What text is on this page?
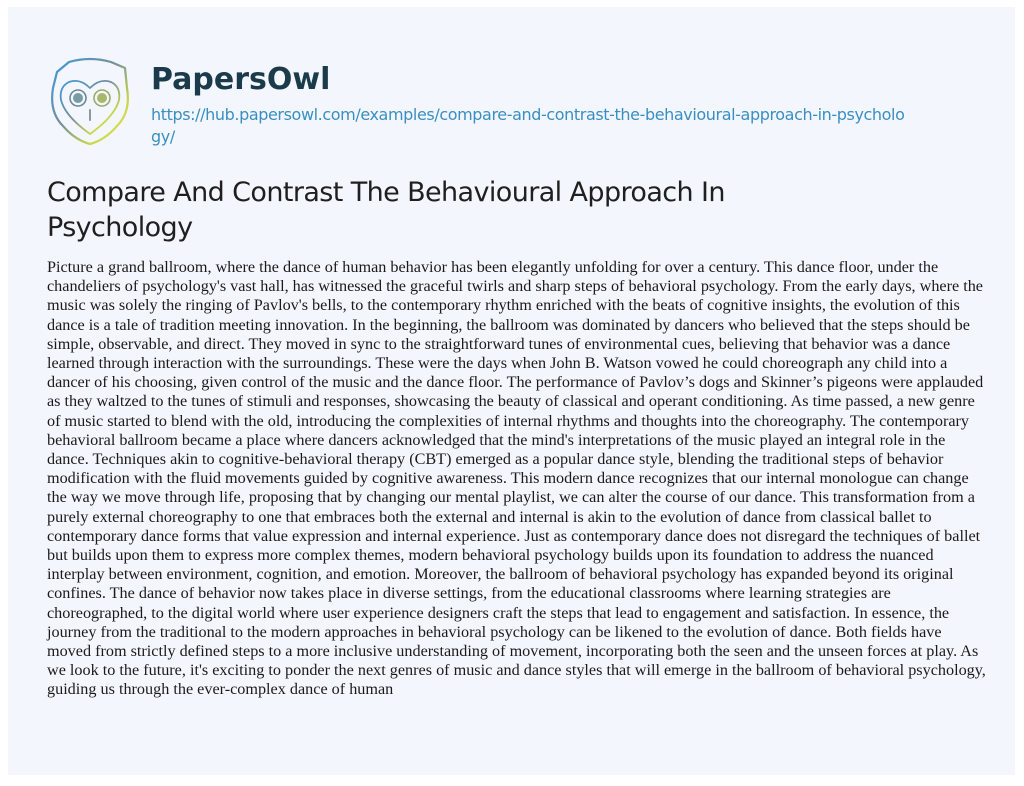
PapersOwl
https://hub.papersowl.com/examples/compare-and-contrast-the-behavioural-approach-in-psychology/
Compare And Contrast The Behavioural Approach In Psychology

Picture a grand ballroom, where the dance of human behavior has been elegantly unfolding for over a century. This dance floor, under the chandeliers of psychology's vast hall, has witnessed the graceful twirls and sharp steps of behavioral psychology. From the early days, where the music was solely the ringing of Pavlov's bells, to the contemporary rhythm enriched with the beats of cognitive insights, the evolution of this dance is a tale of tradition meeting innovation. In the beginning, the ballroom was dominated by dancers who believed that the steps should be simple, observable, and direct. They moved in sync to the straightforward tunes of environmental cues, believing that behavior was a dance learned through interaction with the surroundings. These were the days when John B. Watson vowed he could choreograph any child into a dancer of his choosing, given control of the music and the dance floor. The performance of Pavlov’s dogs and Skinner’s pigeons were applauded as they waltzed to the tunes of stimuli and responses, showcasing the beauty of classical and operant conditioning. As time passed, a new genre of music started to blend with the old, introducing the complexities of internal rhythms and thoughts into the choreography. The contemporary behavioral ballroom became a place where dancers acknowledged that the mind's interpretations of the music played an integral role in the dance. Techniques akin to cognitive-behavioral therapy (CBT) emerged as a popular dance style, blending the traditional steps of behavior modification with the fluid movements guided by cognitive awareness. This modern dance recognizes that our internal monologue can change the way we move through life, proposing that by changing our mental playlist, we can alter the course of our dance. This transformation from a purely external choreography to one that embraces both the external and internal is akin to the evolution of dance from classical ballet to contemporary dance forms that value expression and internal experience. Just as contemporary dance does not disregard the techniques of ballet but builds upon them to express more complex themes, modern behavioral psychology builds upon its foundation to address the nuanced interplay between environment, cognition, and emotion. Moreover, the ballroom of behavioral psychology has expanded beyond its original confines. The dance of behavior now takes place in diverse settings, from the educational classrooms where learning strategies are choreographed, to the digital world where user experience designers craft the steps that lead to engagement and satisfaction. In essence, the journey from the traditional to the modern approaches in behavioral psychology can be likened to the evolution of dance. Both fields have moved from strictly defined steps to a more inclusive understanding of movement, incorporating both the seen and the unseen forces at play. As we look to the future, it's exciting to ponder the next genres of music and dance styles that will emerge in the ballroom of behavioral psychology, guiding us through the ever-complex dance of human
